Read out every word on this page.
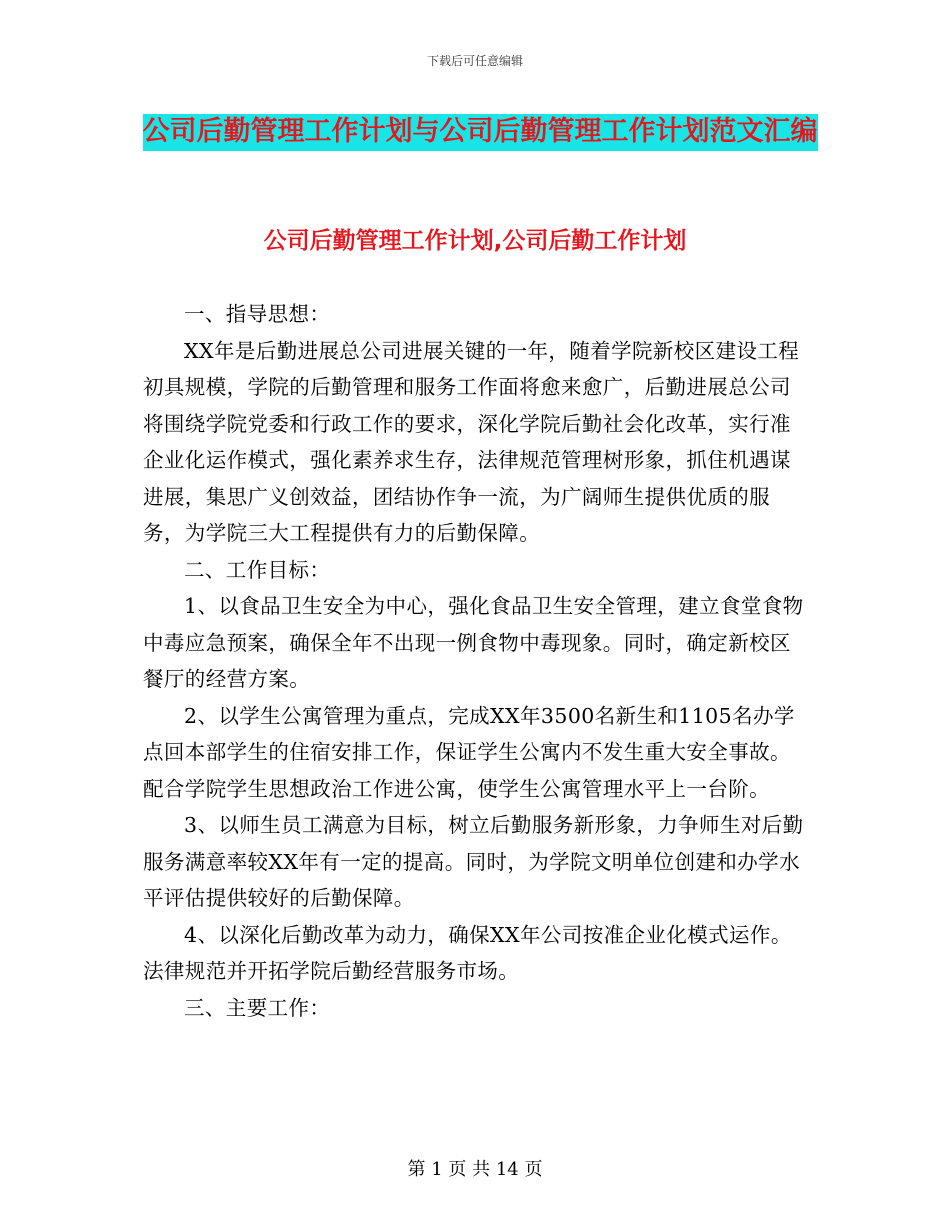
下载后可任意编辑
公司后勤管理工作计划与公司后勤管理工作计划范文汇编
公司后勤管理工作计划,公司后勤工作计划

一、指导思想：

XX年是后勤进展总公司进展关键的一年，随着学院新校区建设工程初具规模，学院的后勤管理和服务工作面将愈来愈广，后勤进展总公司将围绕学院党委和行政工作的要求，深化学院后勤社会化改革，实行准企业化运作模式，强化素养求生存，法律规范管理树形象，抓住机遇谋进展，集思广义创效益，团结协作争一流，为广阔师生提供优质的服务，为学院三大工程提供有力的后勤保障。

二、工作目标：

1、以食品卫生安全为中心，强化食品卫生安全管理，建立食堂食物中毒应急预案，确保全年不出现一例食物中毒现象。同时，确定新校区餐厅的经营方案。

2、以学生公寓管理为重点，完成XX年3500名新生和1105名办学点回本部学生的住宿安排工作，保证学生公寓内不发生重大安全事故。配合学院学生思想政治工作进公寓，使学生公寓管理水平上一台阶。

3、以师生员工满意为目标，树立后勤服务新形象，力争师生对后勤服务满意率较XX年有一定的提高。同时，为学院文明单位创建和办学水平评估提供较好的后勤保障。

4、以深化后勤改革为动力，确保XX年公司按准企业化模式运作。法律规范并开拓学院后勤经营服务市场。

三、主要工作：

第 1 页 共 14 页
